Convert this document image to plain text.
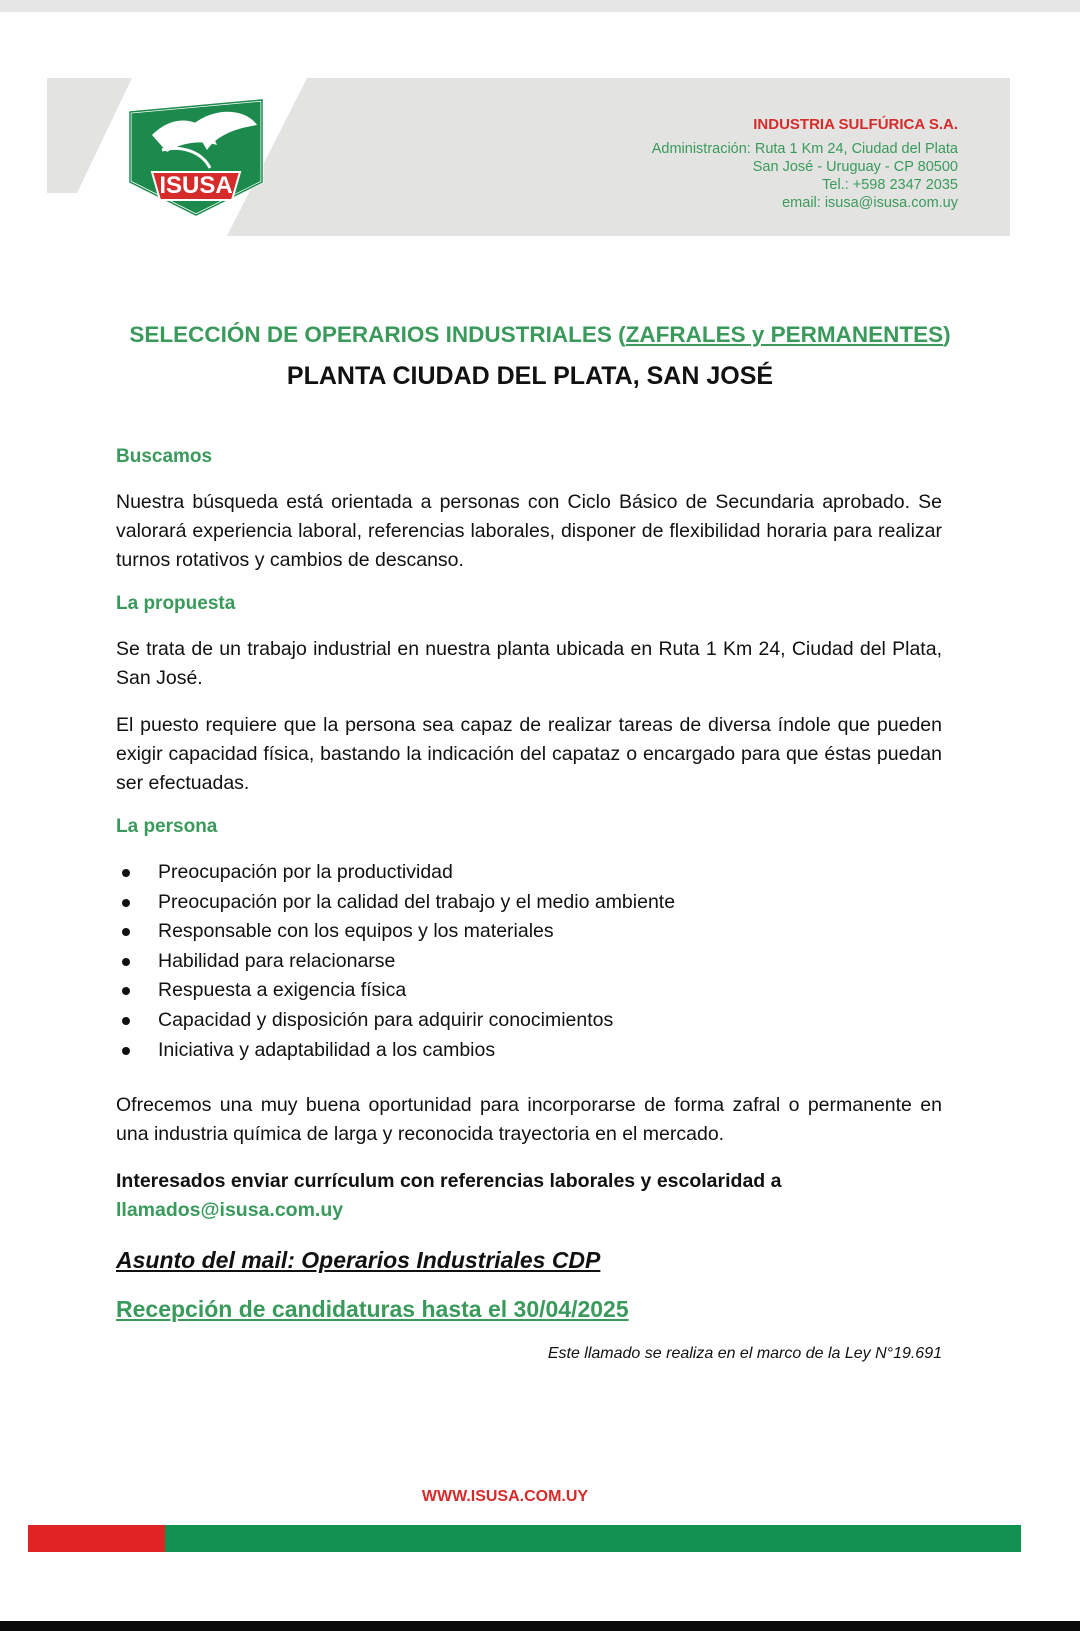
ISUSA
INDUSTRIA SULFÚRICA S.A.
Administración: Ruta 1 Km 24, Ciudad del Plata
San José - Uruguay - CP 80500
Tel.: +598 2347 2035
email: isusa@isusa.com.uy
SELECCIÓN DE OPERARIOS INDUSTRIALES (ZAFRALES y PERMANENTES)
PLANTA CIUDAD DEL PLATA, SAN JOSÉ
Buscamos

Nuestra búsqueda está orientada a personas con Ciclo Básico de Secundaria aprobado. Se valorará experiencia laboral, referencias laborales, disponer de flexibilidad horaria para realizar turnos rotativos y cambios de descanso.

La propuesta

Se trata de un trabajo industrial en nuestra planta ubicada en Ruta 1 Km 24, Ciudad del Plata, San José.

El puesto requiere que la persona sea capaz de realizar tareas de diversa índole que pueden exigir capacidad física, bastando la indicación del capataz o encargado para que éstas puedan ser efectuadas.

La persona
Preocupación por la productividad
Preocupación por la calidad del trabajo y el medio ambiente
Responsable con los equipos y los materiales
Habilidad para relacionarse
Respuesta a exigencia física
Capacidad y disposición para adquirir conocimientos
Iniciativa y adaptabilidad a los cambios

Ofrecemos una muy buena oportunidad para incorporarse de forma zafral o permanente en una industria química de larga y reconocida trayectoria en el mercado.

Interesados enviar currículum con referencias laborales y escolaridad a
llamados@isusa.com.uy
Asunto del mail: Operarios Industriales CDP
Recepción de candidaturas hasta el 30/04/2025
Este llamado se realiza en el marco de la Ley N°19.691
WWW.ISUSA.COM.UY
